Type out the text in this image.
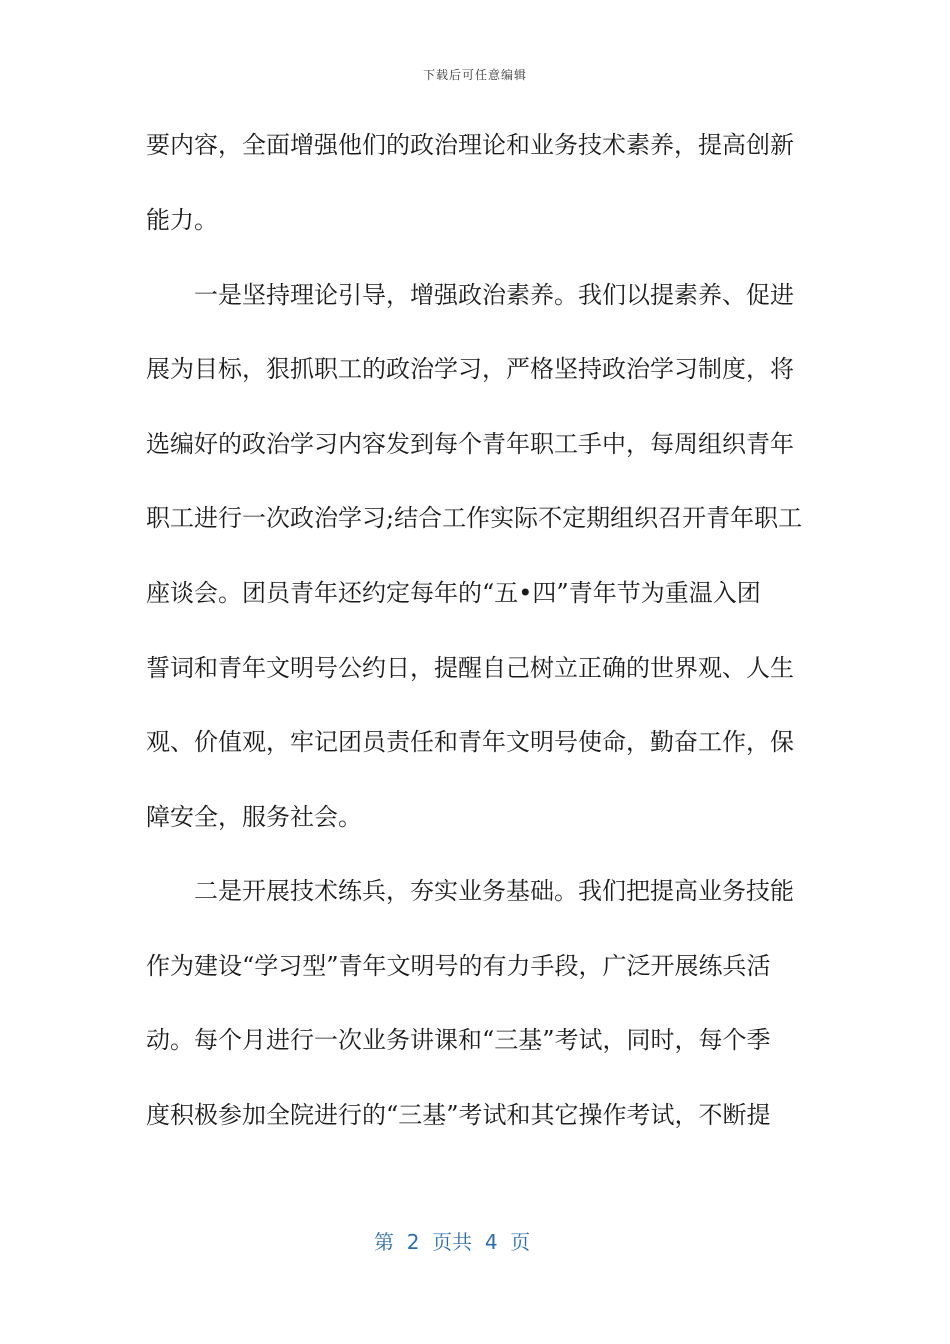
下载后可任意编辑
要内容，全面增强他们的政治理论和业务技术素养，提高创新
能力。
　　一是坚持理论引导，增强政治素养。我们以提素养、促进
展为目标，狠抓职工的政治学习，严格坚持政治学习制度，将
选编好的政治学习内容发到每个青年职工手中，每周组织青年
职工进行一次政治学习;结合工作实际不定期组织召开青年职工
座谈会。团员青年还约定每年的“五•四”青年节为重温入团
誓词和青年文明号公约日，提醒自己树立正确的世界观、人生
观、价值观，牢记团员责任和青年文明号使命，勤奋工作，保
障安全，服务社会。
　　二是开展技术练兵，夯实业务基础。我们把提高业务技能
作为建设“学习型”青年文明号的有力手段，广泛开展练兵活
动。每个月进行一次业务讲课和“三基”考试，同时，每个季
度积极参加全院进行的“三基”考试和其它操作考试，不断提
第  2  页共  4  页
